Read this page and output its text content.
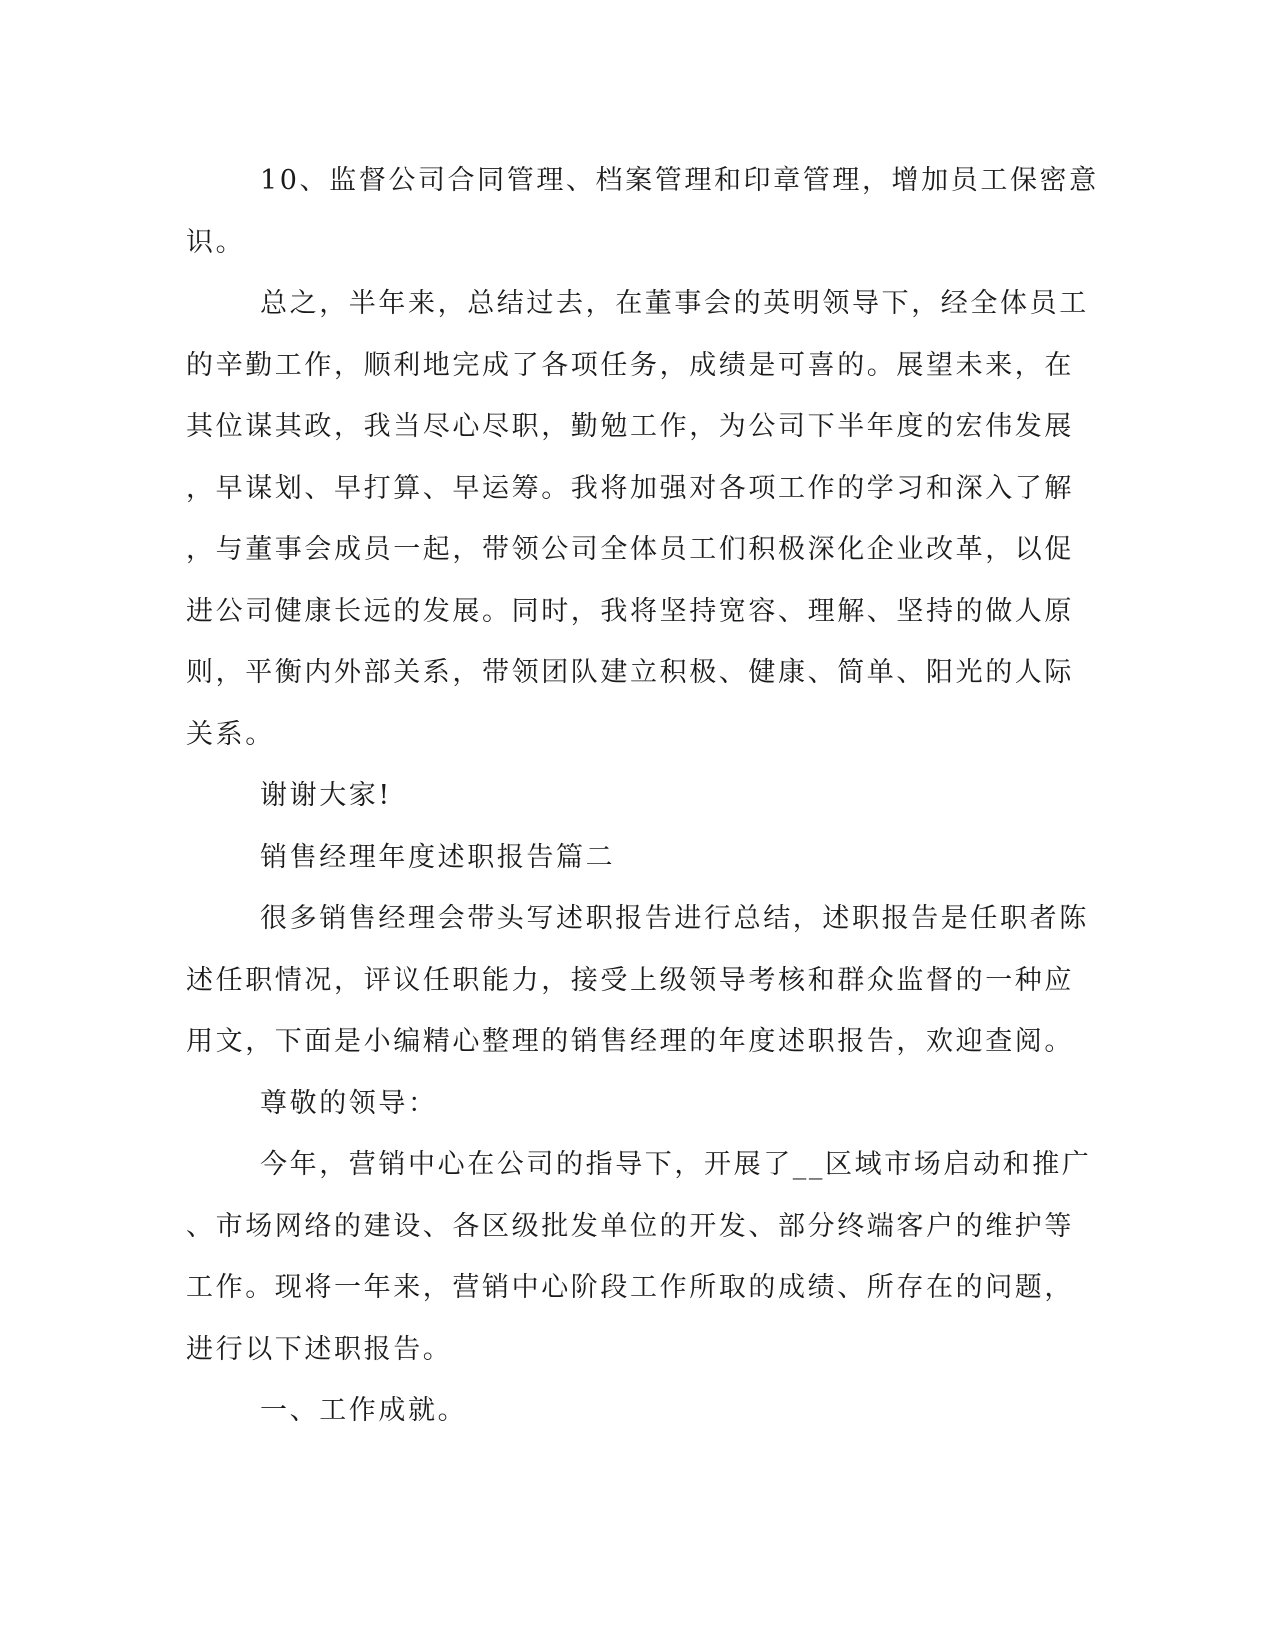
10、监督公司合同管理、档案管理和印章管理，增加员工保密意
识。
总之，半年来，总结过去，在董事会的英明领导下，经全体员工
的辛勤工作，顺利地完成了各项任务，成绩是可喜的。展望未来，在
其位谋其政，我当尽心尽职，勤勉工作，为公司下半年度的宏伟发展
，早谋划、早打算、早运筹。我将加强对各项工作的学习和深入了解
，与董事会成员一起，带领公司全体员工们积极深化企业改革，以促
进公司健康长远的发展。同时，我将坚持宽容、理解、坚持的做人原
则，平衡内外部关系，带领团队建立积极、健康、简单、阳光的人际
关系。
谢谢大家!
销售经理年度述职报告篇二
很多销售经理会带头写述职报告进行总结，述职报告是任职者陈
述任职情况，评议任职能力，接受上级领导考核和群众监督的一种应
用文，下面是小编精心整理的销售经理的年度述职报告，欢迎查阅。
尊敬的领导：
今年，营销中心在公司的指导下，开展了__区域市场启动和推广
、市场网络的建设、各区级批发单位的开发、部分终端客户的维护等
工作。现将一年来，营销中心阶段工作所取的成绩、所存在的问题，
进行以下述职报告。
一、工作成就。
